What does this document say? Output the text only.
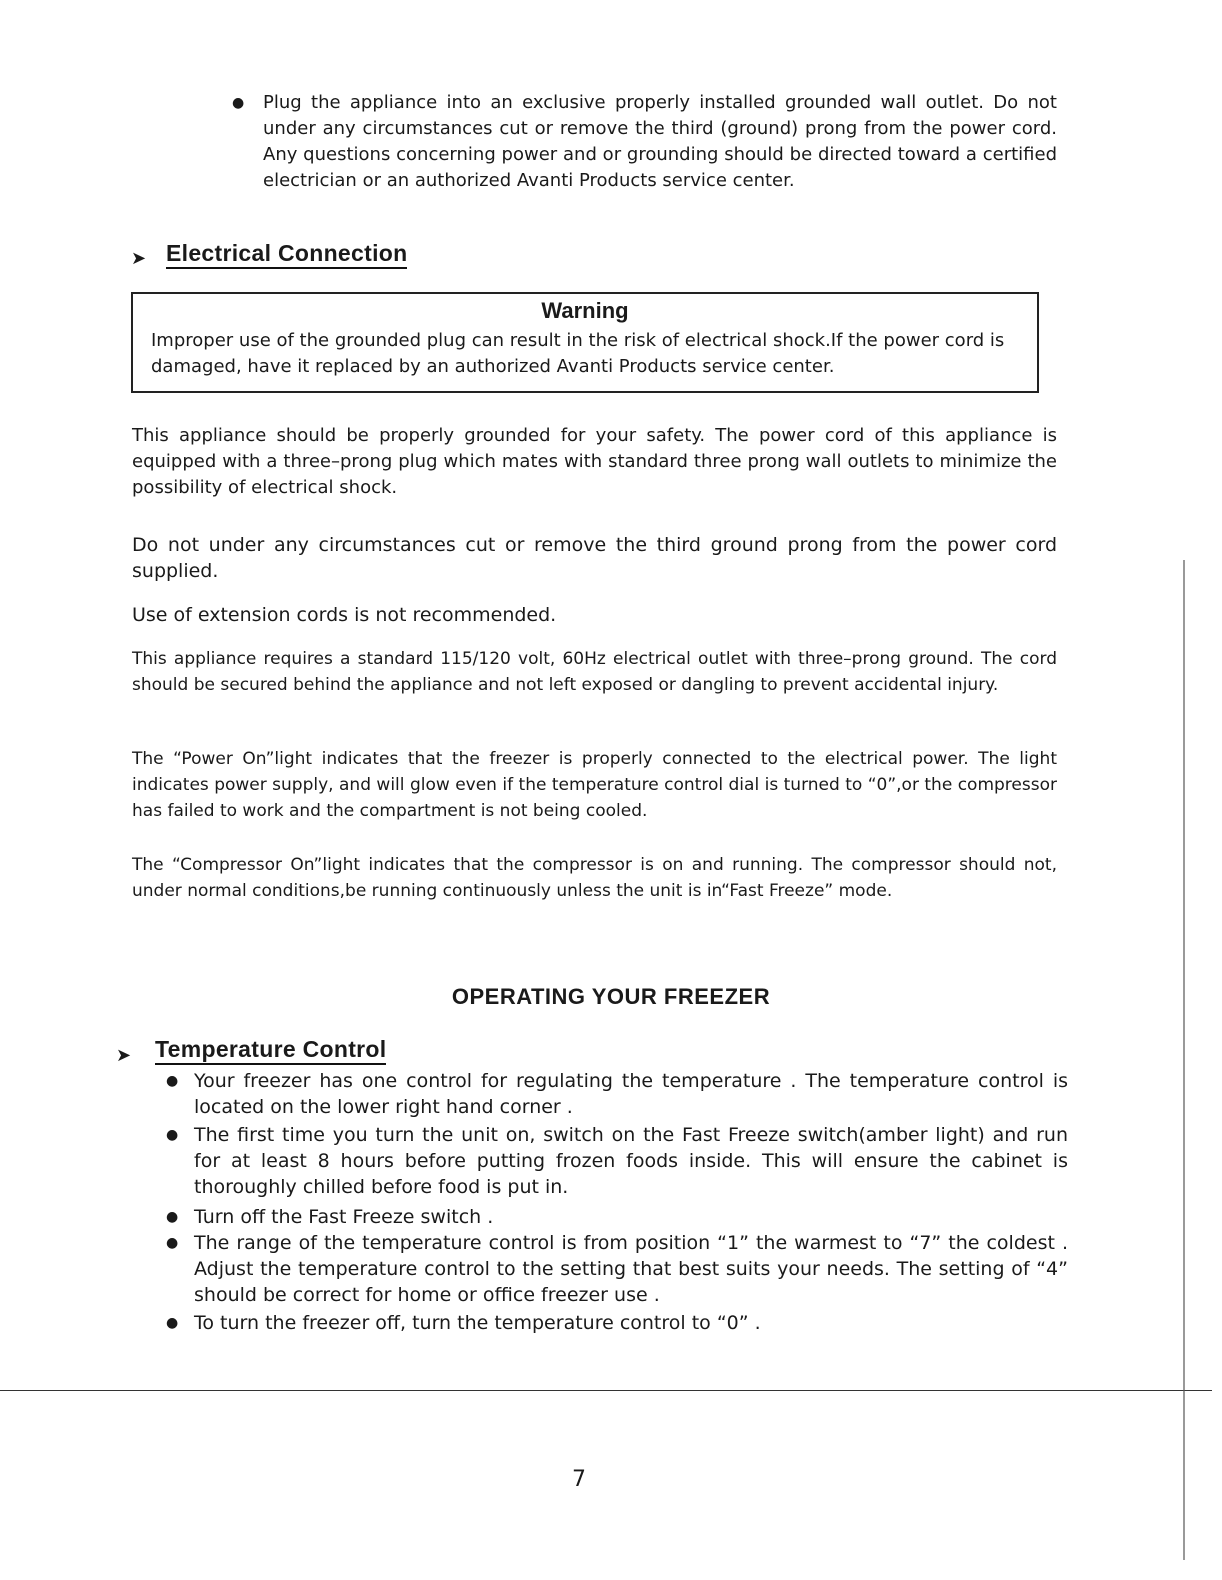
● Plug the appliance into an exclusive properly installed grounded wall outlet. Do not under any circumstances cut or remove the third (ground) prong from the power cord. Any questions concerning power and or grounding should be directed toward a certified electrician or an authorized Avanti Products service center.
➤ Electrical Connection
Warning
Improper use of the grounded plug can result in the risk of electrical shock.If the power cord is damaged, have it replaced by an authorized Avanti Products service center.
This appliance should be properly grounded for your safety. The power cord of this appliance is equipped with a three–prong plug which mates with standard three prong wall outlets to minimize the possibility of electrical shock.
Do not under any circumstances cut or remove the third ground prong from the power cord supplied.
Use of extension cords is not recommended.
This appliance requires a standard 115/120 volt, 60Hz electrical outlet with three–prong ground. The cord should be secured behind the appliance and not left exposed or dangling to prevent accidental injury.
The “Power On”light indicates that the freezer is properly connected to the electrical power. The light indicates power supply, and will glow even if the temperature control dial is turned to “0”,or the compressor has failed to work and the compartment is not being cooled.
The “Compressor On”light indicates that the compressor is on and running. The compressor should not, under normal conditions,be running continuously unless the unit is in“Fast Freeze” mode.
OPERATING YOUR FREEZER
➤ Temperature Control
● Your freezer has one control for regulating the temperature . The temperature control is located on the lower right hand corner .
● The first time you turn the unit on, switch on the Fast Freeze switch(amber light) and run for at least 8 hours before putting frozen foods inside. This will ensure the cabinet is thoroughly chilled before food is put in.
● Turn off the Fast Freeze switch .
● The range of the temperature control is from position “1” the warmest to “7” the coldest . Adjust the temperature control to the setting that best suits your needs. The setting of “4” should be correct for home or office freezer use .
● To turn the freezer off, turn the temperature control to “0” .
7
